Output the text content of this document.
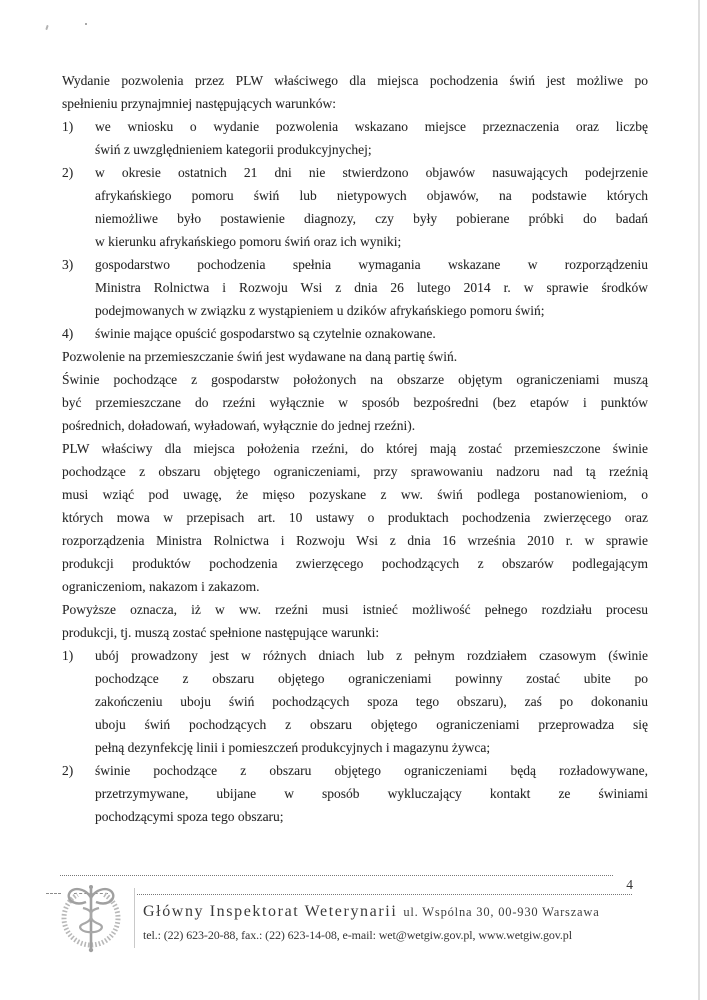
Wydanie pozwolenia przez PLW właściwego dla miejsca pochodzenia świń jest możliwe po
spełnieniu przynajmniej następujących warunków:
1) we wniosku o wydanie pozwolenia wskazano miejsce przeznaczenia oraz liczbę
świń z uwzględnieniem kategorii produkcyjnychej;
2) w okresie ostatnich 21 dni nie stwierdzono objawów nasuwających podejrzenie
afrykańskiego pomoru świń lub nietypowych objawów, na podstawie których
niemożliwe było postawienie diagnozy, czy były pobierane próbki do badań
w kierunku afrykańskiego pomoru świń oraz ich wyniki;
3) gospodarstwo pochodzenia spełnia wymagania wskazane w rozporządzeniu
Ministra Rolnictwa i Rozwoju Wsi z dnia 26 lutego 2014 r. w sprawie środków
podejmowanych w związku z wystąpieniem u dzików afrykańskiego pomoru świń;
4) świnie mające opuścić gospodarstwo są czytelnie oznakowane.
Pozwolenie na przemieszczanie świń jest wydawane na daną partię świń.
Świnie pochodzące z gospodarstw położonych na obszarze objętym ograniczeniami muszą
być przemieszczane do rzeźni wyłącznie w sposób bezpośredni (bez etapów i punktów
pośrednich, doładowań, wyładowań, wyłącznie do jednej rzeźni).
PLW właściwy dla miejsca położenia rzeźni, do której mają zostać przemieszczone świnie
pochodzące z obszaru objętego ograniczeniami, przy sprawowaniu nadzoru nad tą rzeźnią
musi wziąć pod uwagę, że mięso pozyskane z ww. świń podlega postanowieniom, o
których mowa w przepisach art. 10 ustawy o produktach pochodzenia zwierzęcego oraz
rozporządzenia Ministra Rolnictwa i Rozwoju Wsi z dnia 16 września 2010 r. w sprawie
produkcji produktów pochodzenia zwierzęcego pochodzących z obszarów podlegającym
ograniczeniom, nakazom i zakazom.
Powyższe oznacza, iż w ww. rzeźni musi istnieć możliwość pełnego rozdziału procesu
produkcji, tj. muszą zostać spełnione następujące warunki:
1) ubój prowadzony jest w różnych dniach lub z pełnym rozdziałem czasowym (świnie
pochodzące z obszaru objętego ograniczeniami powinny zostać ubite po
zakończeniu uboju świń pochodzących spoza tego obszaru), zaś po dokonaniu
uboju świń pochodzących z obszaru objętego ograniczeniami przeprowadza się
pełną dezynfekcję linii i pomieszczeń produkcyjnych i magazynu żywca;
2) świnie pochodzące z obszaru objętego ograniczeniami będą rozładowywane,
przetrzymywane, ubijane w sposób wykluczający kontakt ze świniami
pochodzącymi spoza tego obszaru;
4
Główny Inspektorat Weterynarii ul. Wspólna 30, 00-930 Warszawa
tel.: (22) 623-20-88, fax.: (22) 623-14-08, e-mail: wet@wetgiw.gov.pl, www.wetgiw.gov.pl
